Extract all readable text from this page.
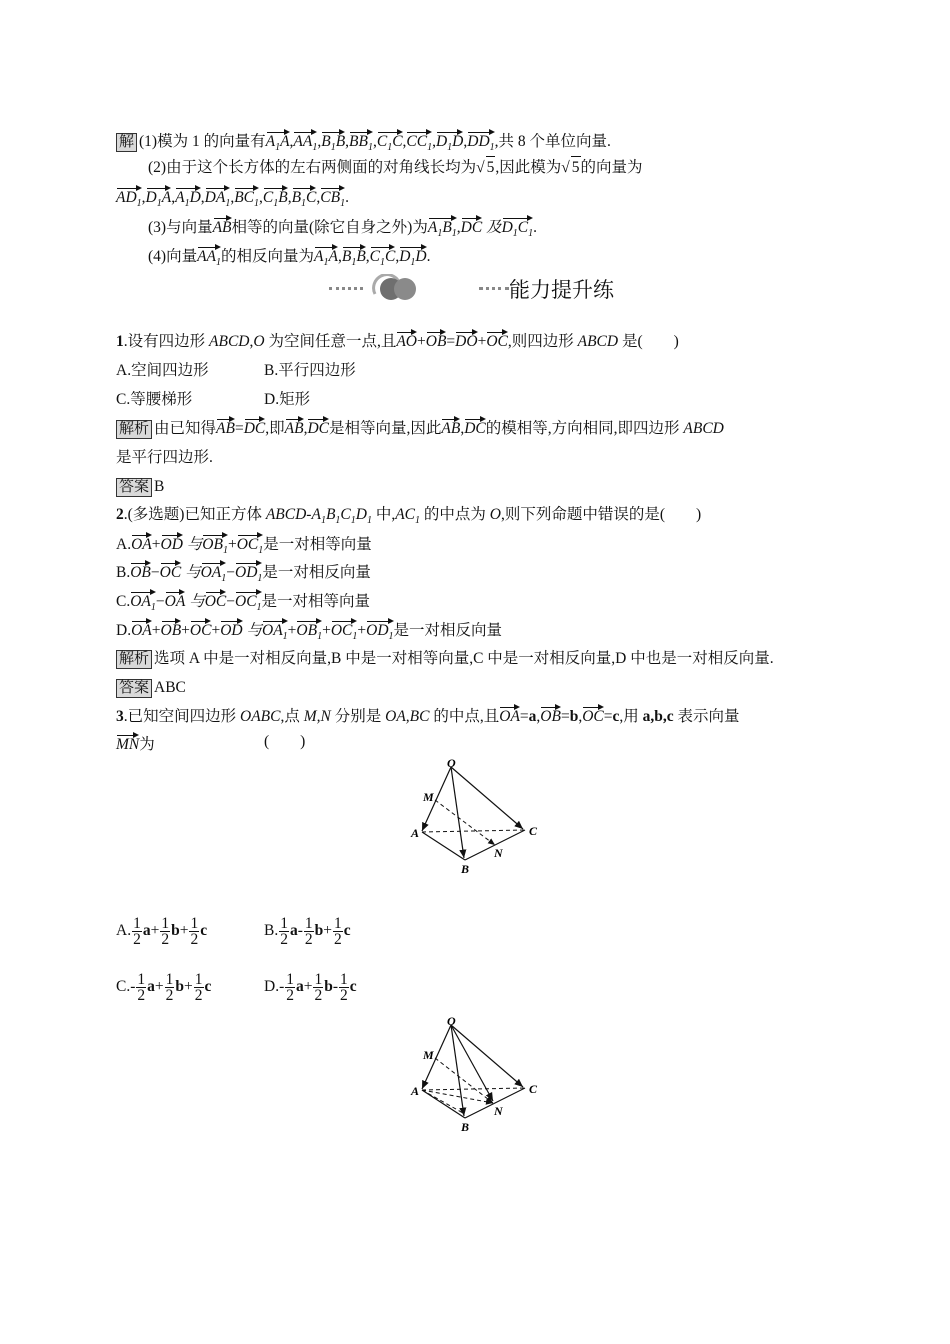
解 (1)模为 1 的向量有$A_1A,AA_1,B_1B,BB_1,C_1C,CC_1,D_1D,DD_1$,共 8 个单位向量.
(2)由于这个长方体的左右两侧面的对角线长均为√ 5,因此模为√ 5的向量为
$AD_1,D_1A,A_1D,DA_1,BC_1,C_1B,B_1C,CB_1$.
(3)与向量AB相等的向量(除它自身之外)为$A_1B_1,DC$ 及$D_1C_1$.
(4)向量$AA_1$的相反向量为$A_1A,B_1B,C_1C,D_1D$.
能力提升练
1.设有四边形 ABCD,O 为空间任意一点,且AO+OB=DO+OC,则四边形 ABCD 是(　　)
A.空间四边形	B.平行四边形
C.等腰梯形	D.矩形
解析 由已知得AB=DC,即AB,DC是相等向量,因此AB,DC的模相等,方向相同,即四边形 ABCD
是平行四边形.
答案 B
2.(多选题)已知正方体 ABCD-$A_1B_1C_1D_1$ 中$,AC_1$ 的中点为 O,则下列命题中错误的是(　　)
A.OA+OD 与$OB_1+OC_1$是一对相等向量
B.OB−OC 与$OA_1-OD_1$是一对相反向量
$C.OA_1-OA$ 与$OC-OC_1$是一对相等向量
D.OA+OB+OC+OD 与$OA_1+OB_1+OC_1+OD_1$是一对相反向量
解析 选项 A 中是一对相反向量,B 中是一对相等向量,C 中是一对相反向量,D 中也是一对相反向量.
答案 ABC
3.已知空间四边形 OABC,点 M,N 分别是 OA,BC 的中点,且OA=a,OB=b,OC=c,用 a,b,c 表示向量
MN为	(　　)
O
M
A
B
C
N
A. $\frac{1}{2} a+ \frac{1}{2} b+ \frac{1}{2}$ c	B. $\frac{1}{2} a- \frac{1}{2} b+ \frac{1}{2}$ c
$C.- \frac{1}{2} a+ \frac{1}{2} b+ \frac{1}{2}$ c	$D.- \frac{1}{2} a+ \frac{1}{2} b- \frac{1}{2}$ c
O
M
A
B
C
N
